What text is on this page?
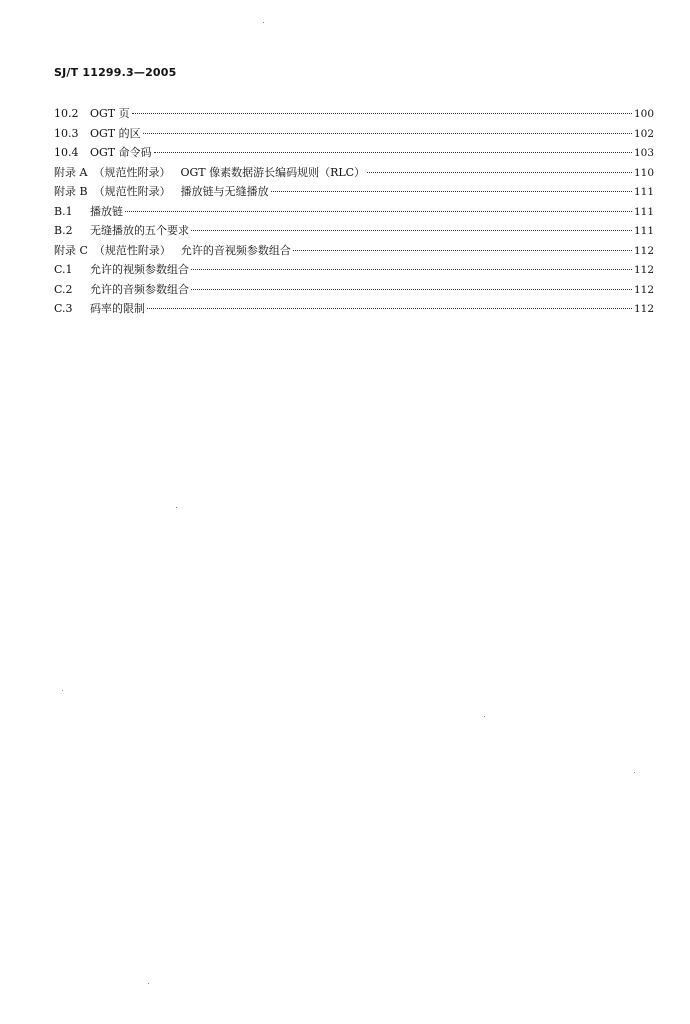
SJ/T 11299.3—2005
10.2	OGT 页	100
10.3	OGT 的区	102
10.4	OGT 命令码	103
附录 A （规范性附录） OGT 像素数据游长编码规则（RLC）	110
附录 B （规范性附录） 播放链与无缝播放	111
B.1	播放链	111
B.2	无缝播放的五个要求	111
附录 C （规范性附录） 允许的音视频参数组合	112
C.1	允许的视频参数组合	112
C.2	允许的音频参数组合	112
C.3	码率的限制	112
